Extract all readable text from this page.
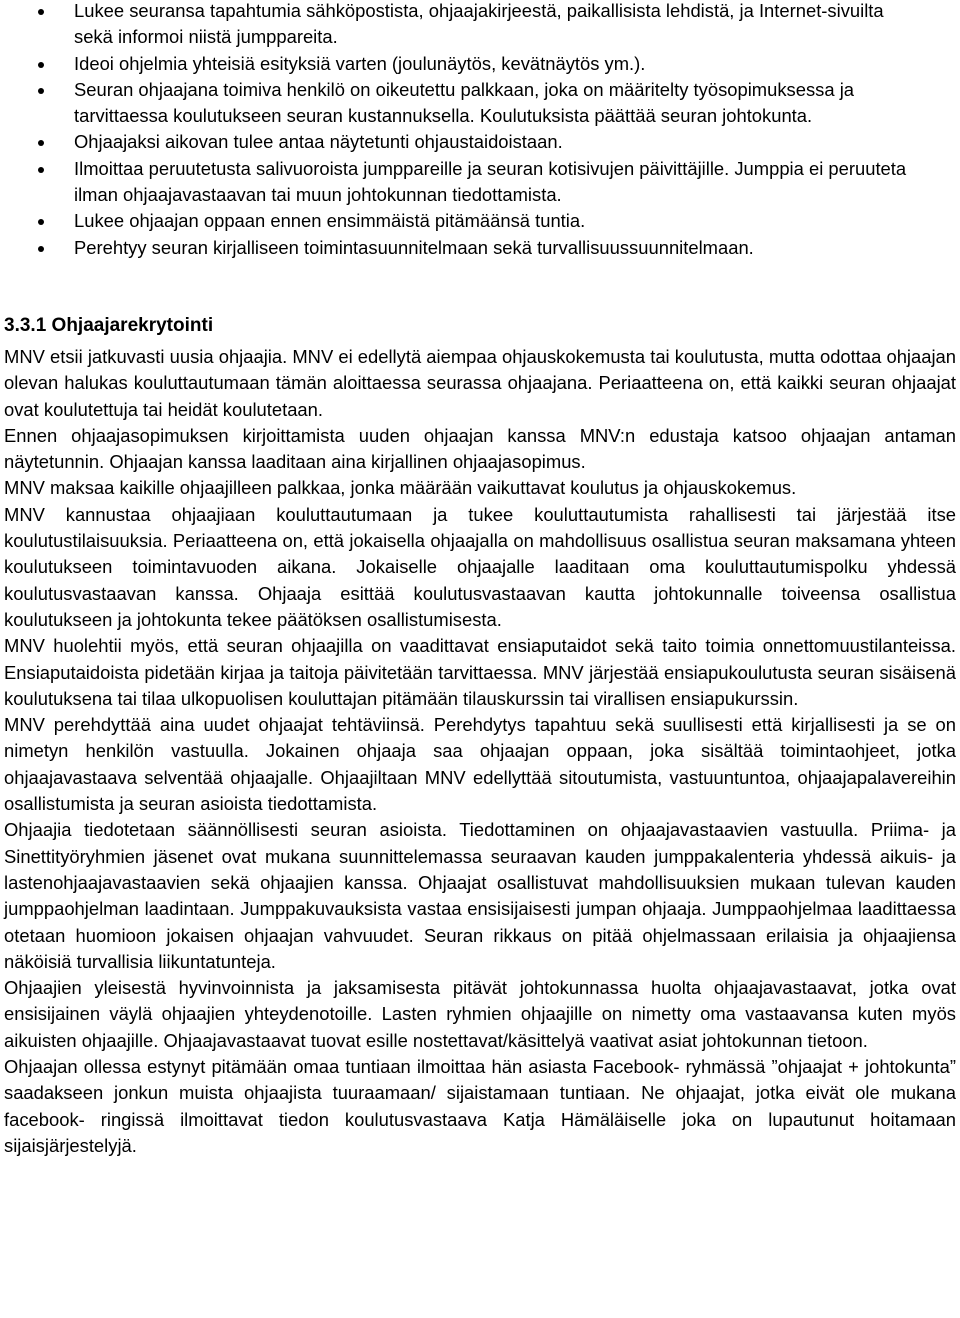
Lukee seuransa tapahtumia sähköpostista, ohjaajakirjeestä, paikallisista lehdistä, ja Internet-sivuilta sekä informoi niistä jumppareita.
Ideoi ohjelmia yhteisiä esityksiä varten (joulunäytös, kevätnäytös ym.).
Seuran ohjaajana toimiva henkilö on oikeutettu palkkaan, joka on määritelty työsopimuksessa ja tarvittaessa koulutukseen seuran kustannuksella. Koulutuksista päättää seuran johtokunta.
Ohjaajaksi aikovan tulee antaa näytetunti ohjaustaidoistaan.
Ilmoittaa peruutetusta salivuoroista jumppareille ja seuran kotisivujen päivittäjille. Jumppia ei peruuteta ilman ohjaajavastaavan tai muun johtokunnan tiedottamista.
Lukee ohjaajan oppaan ennen ensimmäistä pitämäänsä tuntia.
Perehtyy seuran kirjalliseen toimintasuunnitelmaan sekä turvallisuussuunnitelmaan.
3.3.1 Ohjaajarekrytointi

MNV etsii jatkuvasti uusia ohjaajia. MNV ei edellytä aiempaa ohjauskokemusta tai koulutusta, mutta odottaa ohjaajan olevan halukas kouluttautumaan tämän aloittaessa seurassa ohjaajana. Periaatteena on, että kaikki seuran ohjaajat ovat koulutettuja tai heidät koulutetaan.

Ennen ohjaajasopimuksen kirjoittamista uuden ohjaajan kanssa MNV:n edustaja katsoo ohjaajan antaman näytetunnin. Ohjaajan kanssa laaditaan aina kirjallinen ohjaajasopimus.

MNV maksaa kaikille ohjaajilleen palkkaa, jonka määrään vaikuttavat koulutus ja ohjauskokemus.

MNV kannustaa ohjaajiaan kouluttautumaan ja tukee kouluttautumista rahallisesti tai järjestää itse koulutustilaisuuksia. Periaatteena on, että jokaisella ohjaajalla on mahdollisuus osallistua seuran maksamana yhteen koulutukseen toimintavuoden aikana. Jokaiselle ohjaajalle laaditaan oma kouluttautumispolku yhdessä koulutusvastaavan kanssa. Ohjaaja esittää koulutusvastaavan kautta johtokunnalle toiveensa osallistua koulutukseen ja johtokunta tekee päätöksen osallistumisesta.

MNV huolehtii myös, että seuran ohjaajilla on vaadittavat ensiaputaidot sekä taito toimia onnettomuustilanteissa. Ensiaputaidoista pidetään kirjaa ja taitoja päivitetään tarvittaessa. MNV järjestää ensiapukoulutusta seuran sisäisenä koulutuksena tai tilaa ulkopuolisen kouluttajan pitämään tilauskurssin tai virallisen ensiapukurssin.

MNV perehdyttää aina uudet ohjaajat tehtäviinsä. Perehdytys tapahtuu sekä suullisesti että kirjallisesti ja se on nimetyn henkilön vastuulla. Jokainen ohjaaja saa ohjaajan oppaan, joka sisältää toimintaohjeet, jotka ohjaajavastaava selventää ohjaajalle. Ohjaajiltaan MNV edellyttää sitoutumista, vastuuntuntoa, ohjaajapalavereihin osallistumista ja seuran asioista tiedottamista.

Ohjaajia tiedotetaan säännöllisesti seuran asioista. Tiedottaminen on ohjaajavastaavien vastuulla. Priima- ja Sinettityöryhmien jäsenet ovat mukana suunnittelemassa seuraavan kauden jumppakalenteria yhdessä aikuis- ja lastenohjaajavastaavien sekä ohjaajien kanssa. Ohjaajat osallistuvat mahdollisuuksien mukaan tulevan kauden jumppaohjelman laadintaan. Jumppakuvauksista vastaa ensisijaisesti jumpan ohjaaja. Jumppaohjelmaa laadittaessa otetaan huomioon jokaisen ohjaajan vahvuudet. Seuran rikkaus on pitää ohjelmassaan erilaisia ja ohjaajiensa näköisiä turvallisia liikuntatunteja.

Ohjaajien yleisestä hyvinvoinnista ja jaksamisesta pitävät johtokunnassa huolta ohjaajavastaavat, jotka ovat ensisijainen väylä ohjaajien yhteydenotoille. Lasten ryhmien ohjaajille on nimetty oma vastaavansa kuten myös aikuisten ohjaajille. Ohjaajavastaavat tuovat esille nostettavat/käsittelyä vaativat asiat johtokunnan tietoon.

Ohjaajan ollessa estynyt pitämään omaa tuntiaan ilmoittaa hän asiasta Facebook- ryhmässä ”ohjaajat + johtokunta” saadakseen jonkun muista ohjaajista tuuraamaan/ sijaistamaan tuntiaan. Ne ohjaajat, jotka eivät ole mukana facebook- ringissä ilmoittavat tiedon koulutusvastaava Katja Hämäläiselle joka on lupautunut hoitamaan sijaisjärjestelyjä.
